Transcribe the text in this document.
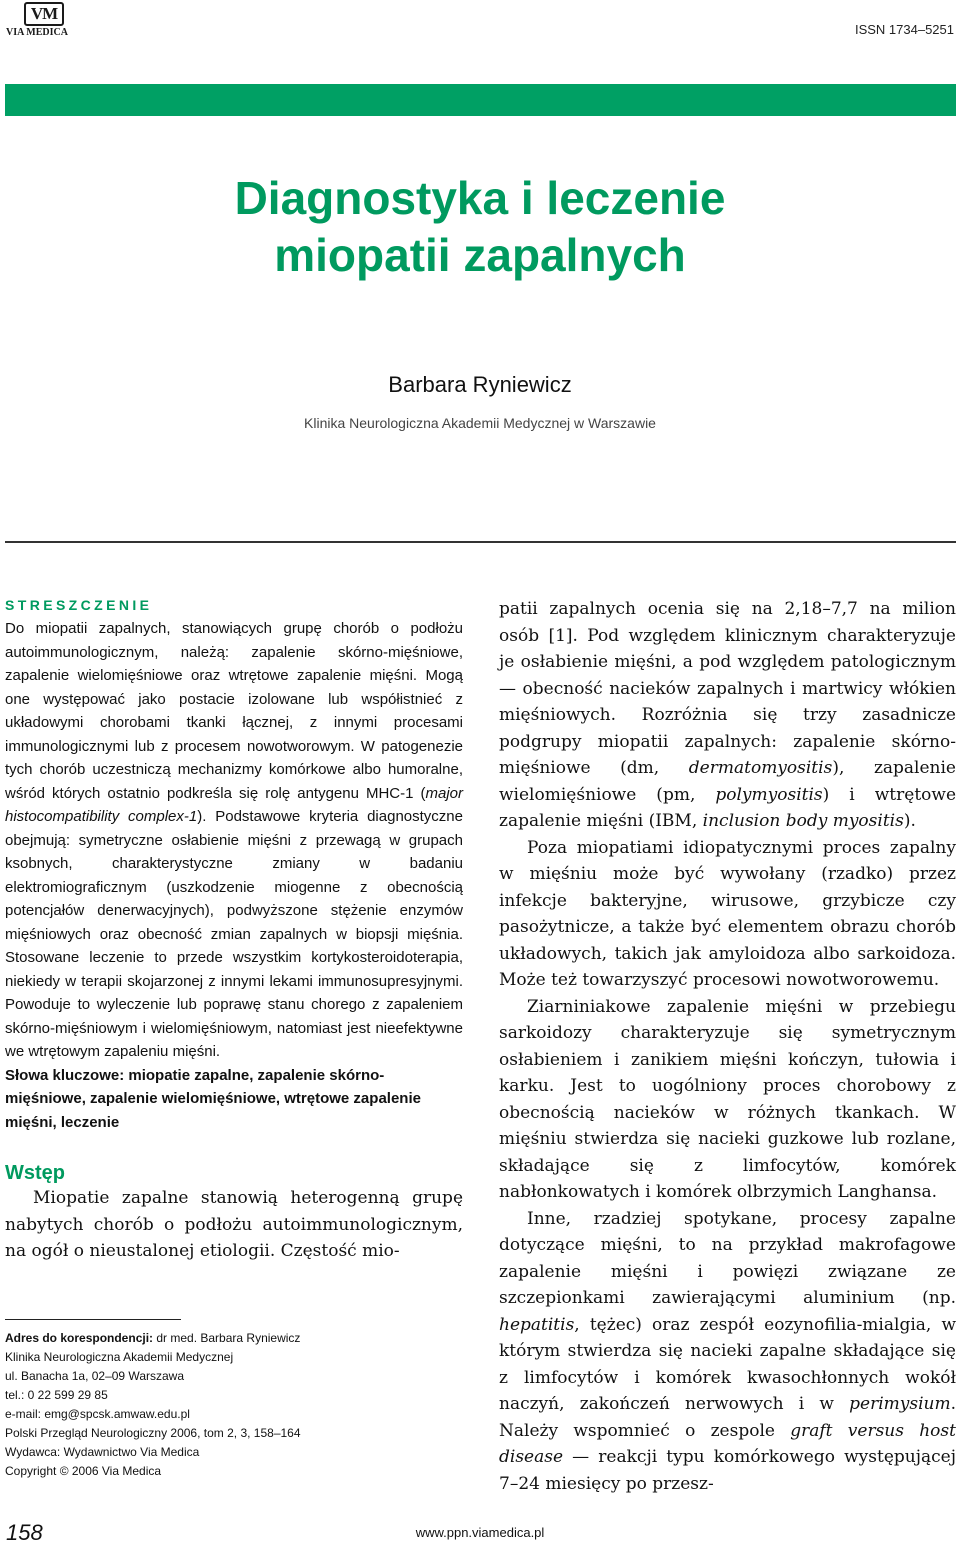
VM
VIA MEDICA	ISSN 1734–5251
Diagnostyka i leczenie
miopatii zapalnych
Barbara Ryniewicz
Klinika Neurologiczna Akademii Medycznej w Warszawie
STRESZCZENIE

Do miopatii zapalnych, stanowiących grupę chorób o podłożu autoimmunologicznym, należą: zapalenie skórno-mięśniowe, zapalenie wielomięśniowe oraz wtrętowe zapalenie mięśni. Mogą one występować jako postacie izolowane lub współistnieć z układowymi chorobami tkanki łącznej, z innymi procesami immunologicznymi lub z procesem nowotworowym. W patogenezie tych chorób uczestniczą mechanizmy komórkowe albo humoralne, wśród których ostatnio podkreśla się rolę antygenu MHC-1 (major histocompatibility complex-1). Podstawowe kryteria diagnostyczne obejmują: symetryczne osłabienie mięśni z przewagą w grupach ksobnych, charakterystyczne zmiany w badaniu elektromiograficznym (uszkodzenie miogenne z obecnością potencjałów denerwacyjnych), podwyższone stężenie enzymów mięśniowych oraz obecność zmian zapalnych w biopsji mięśnia. Stosowane leczenie to przede wszystkim kortykosteroidoterapia, niekiedy w terapii skojarzonej z innymi lekami immunosupresyjnymi. Powoduje to wyleczenie lub poprawę stanu chorego z zapaleniem skórno-mięśniowym i wielomięśniowym, natomiast jest nieefektywne we wtrętowym zapaleniu mięśni.

Słowa kluczowe: miopatie zapalne, zapalenie skórno-mięśniowe, zapalenie wielomięśniowe, wtrętowe zapalenie mięśni, leczenie

Wstęp

Miopatie zapalne stanowią heterogenną grupę nabytych chorób o podłożu autoimmunologicznym, na ogół o nieustalonej etiologii. Częstość mio-

Adres do korespondencji: dr med. Barbara Ryniewicz
Klinika Neurologiczna Akademii Medycznej
ul. Banacha 1a, 02–09 Warszawa
tel.: 0 22 599 29 85
e-mail: emg@spcsk.amwaw.edu.pl
Polski Przegląd Neurologiczny 2006, tom 2, 3, 158–164
Wydawca: Wydawnictwo Via Medica
Copyright © 2006 Via Medica

patii zapalnych ocenia się na 2,18–7,7 na milion osób [1]. Pod względem klinicznym charakteryzuje je osłabienie mięśni, a pod względem patologicznym — obecność nacieków zapalnych i martwicy włókien mięśniowych. Rozróżnia się trzy zasadnicze podgrupy miopatii zapalnych: zapalenie skórno-mięśniowe (dm, dermatomyositis), zapalenie wielomięśniowe (pm, polymyositis) i wtrętowe zapalenie mięśni (IBM, inclusion body myositis).

Poza miopatiami idiopatycznymi proces zapalny w mięśniu może być wywołany (rzadko) przez infekcje bakteryjne, wirusowe, grzybicze czy pasożytnicze, a także być elementem obrazu chorób układowych, takich jak amyloidoza albo sarkoidoza. Może też towarzyszyć procesowi nowotworowemu.

Ziarniniakowe zapalenie mięśni w przebiegu sarkoidozy charakteryzuje się symetrycznym osłabieniem i zanikiem mięśni kończyn, tułowia i karku. Jest to uogólniony proces chorobowy z obecnością nacieków w różnych tkankach. W mięśniu stwierdza się nacieki guzkowe lub rozlane, składające się z limfocytów, komórek nabłonkowatych i komórek olbrzymich Langhansa.

Inne, rzadziej spotykane, procesy zapalne dotyczące mięśni, to na przykład makrofagowe zapalenie mięśni i powięzi związane ze szczepionkami zawierającymi aluminium (np. hepatitis, tężec) oraz zespół eozynofilia-mialgia, w którym stwierdza się nacieki zapalne składające się z limfocytów i komórek kwasochłonnych wokół naczyń, zakończeń nerwowych i w perimysium. Należy wspomnieć o zespole graft versus host disease — reakcji typu komórkowego występującej 7–24 miesięcy po przesz-

158	www.ppn.viamedica.pl
